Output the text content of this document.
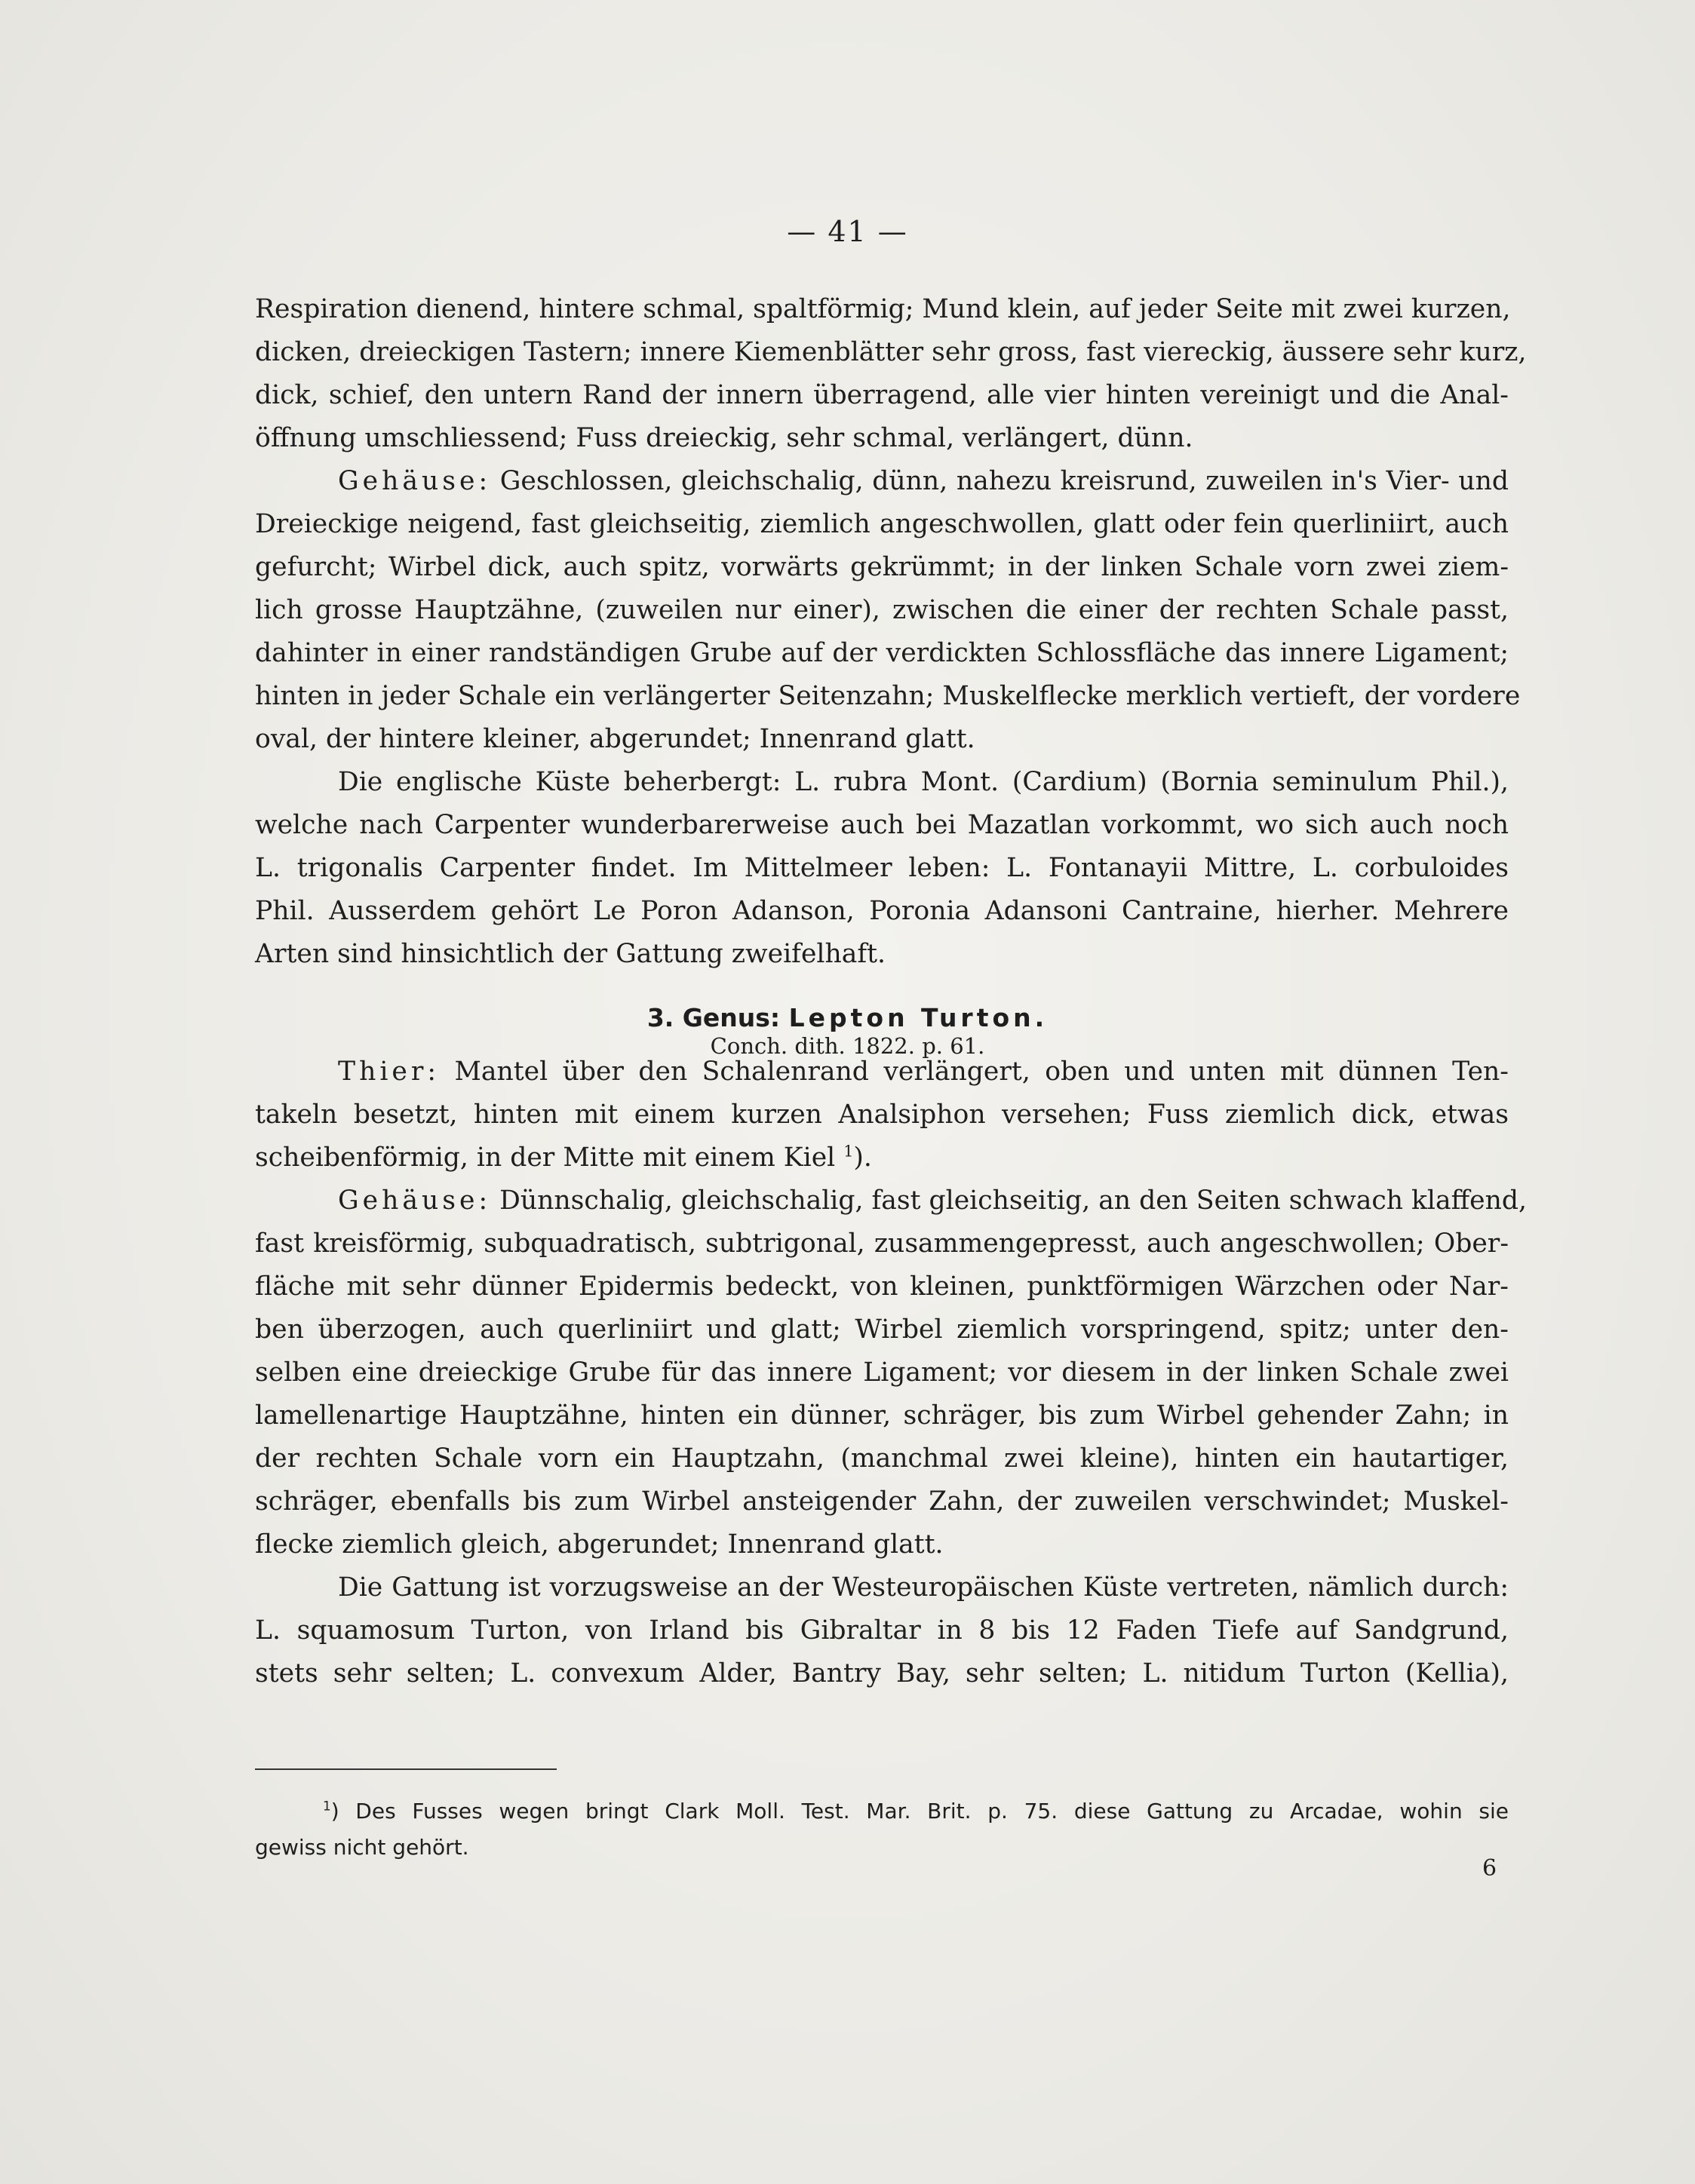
— 41 —
Respiration dienend, hintere schmal, spaltförmig; Mund klein, auf jeder Seite mit zwei kurzen,
dicken, dreieckigen Tastern; innere Kiemenblätter sehr gross, fast viereckig, äussere sehr kurz,
dick, schief, den untern Rand der innern überragend, alle vier hinten vereinigt und die Anal-
öffnung umschliessend; Fuss dreieckig, sehr schmal, verlängert, dünn.
Gehäuse: Geschlossen, gleichschalig, dünn, nahezu kreisrund, zuweilen in's Vier- und
Dreieckige neigend, fast gleichseitig, ziemlich angeschwollen, glatt oder fein querliniirt, auch
gefurcht; Wirbel dick, auch spitz, vorwärts gekrümmt; in der linken Schale vorn zwei ziem-
lich grosse Hauptzähne, (zuweilen nur einer), zwischen die einer der rechten Schale passt,
dahinter in einer randständigen Grube auf der verdickten Schlossfläche das innere Ligament;
hinten in jeder Schale ein verlängerter Seitenzahn; Muskelflecke merklich vertieft, der vordere
oval, der hintere kleiner, abgerundet; Innenrand glatt.
Die englische Küste beherbergt: L. rubra Mont. (Cardium) (Bornia seminulum Phil.),
welche nach Carpenter wunderbarerweise auch bei Mazatlan vorkommt, wo sich auch noch
L. trigonalis Carpenter findet. Im Mittelmeer leben: L. Fontanayii Mittre, L. corbuloides
Phil. Ausserdem gehört Le Poron Adanson, Poronia Adansoni Cantraine, hierher. Mehrere
Arten sind hinsichtlich der Gattung zweifelhaft.
3. Genus: Lepton Turton.
Conch. dith. 1822. p. 61.
Thier: Mantel über den Schalenrand verlängert, oben und unten mit dünnen Ten-
takeln besetzt, hinten mit einem kurzen Analsiphon versehen; Fuss ziemlich dick, etwas
scheibenförmig, in der Mitte mit einem Kiel $^1$).
Gehäuse: Dünnschalig, gleichschalig, fast gleichseitig, an den Seiten schwach klaffend,
fast kreisförmig, subquadratisch, subtrigonal, zusammengepresst, auch angeschwollen; Ober-
fläche mit sehr dünner Epidermis bedeckt, von kleinen, punktförmigen Wärzchen oder Nar-
ben überzogen, auch querliniirt und glatt; Wirbel ziemlich vorspringend, spitz; unter den-
selben eine dreieckige Grube für das innere Ligament; vor diesem in der linken Schale zwei
lamellenartige Hauptzähne, hinten ein dünner, schräger, bis zum Wirbel gehender Zahn; in
der rechten Schale vorn ein Hauptzahn, (manchmal zwei kleine), hinten ein hautartiger,
schräger, ebenfalls bis zum Wirbel ansteigender Zahn, der zuweilen verschwindet; Muskel-
flecke ziemlich gleich, abgerundet; Innenrand glatt.
Die Gattung ist vorzugsweise an der Westeuropäischen Küste vertreten, nämlich durch:
L. squamosum Turton, von Irland bis Gibraltar in 8 bis 12 Faden Tiefe auf Sandgrund,
stets sehr selten; L. convexum Alder, Bantry Bay, sehr selten; L. nitidum Turton (Kellia),
$^1$) Des Fusses wegen bringt Clark Moll. Test. Mar. Brit. p. 75. diese Gattung zu Arcadae, wohin sie
gewiss nicht gehört.
6
